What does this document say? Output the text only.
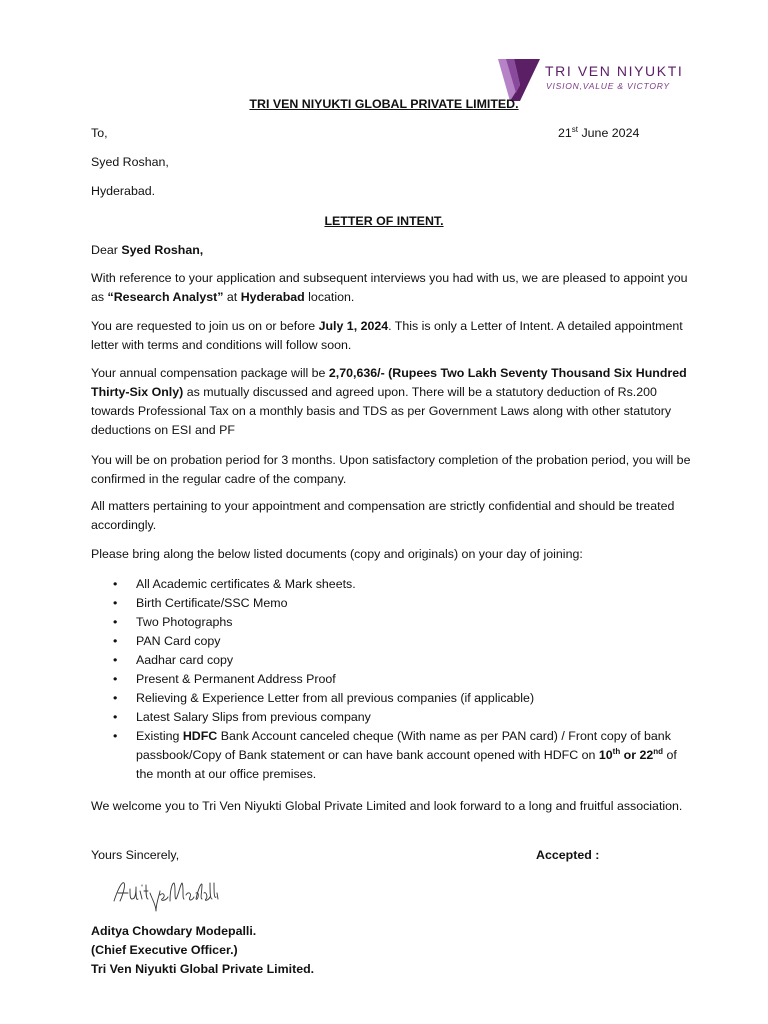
TRI VEN NIYUKTI
VISION,VALUE & VICTORY
TRI VEN NIYUKTI GLOBAL PRIVATE LIMITED.
To,	21st June 2024
Syed Roshan,
Hyderabad.
LETTER OF INTENT.
Dear Syed Roshan,
With reference to your application and subsequent interviews you had with us, we are pleased to appoint you as “Research Analyst” at Hyderabad location.
You are requested to join us on or before July 1, 2024. This is only a Letter of Intent. A detailed appointment letter with terms and conditions will follow soon.
Your annual compensation package will be 2,70,636/- (Rupees Two Lakh Seventy Thousand Six Hundred Thirty-Six Only) as mutually discussed and agreed upon. There will be a statutory deduction of Rs.200 towards Professional Tax on a monthly basis and TDS as per Government Laws along with other statutory deductions on ESI and PF
You will be on probation period for 3 months. Upon satisfactory completion of the probation period, you will be confirmed in the regular cadre of the company.
All matters pertaining to your appointment and compensation are strictly confidential and should be treated accordingly.
Please bring along the below listed documents (copy and originals) on your day of joining:
• All Academic certificates & Mark sheets.
• Birth Certificate/SSC Memo
• Two Photographs
• PAN Card copy
• Aadhar card copy
• Present & Permanent Address Proof
• Relieving & Experience Letter from all previous companies (if applicable)
• Latest Salary Slips from previous company
• Existing HDFC Bank Account canceled cheque (With name as per PAN card) / Front copy of bank passbook/Copy of Bank statement or can have bank account opened with HDFC on 10th or 22nd of the month at our office premises.
We welcome you to Tri Ven Niyukti Global Private Limited and look forward to a long and fruitful association.
Yours Sincerely,	Accepted :
Aditya Chowdary Modepalli.
(Chief Executive Officer.)
Tri Ven Niyukti Global Private Limited.
